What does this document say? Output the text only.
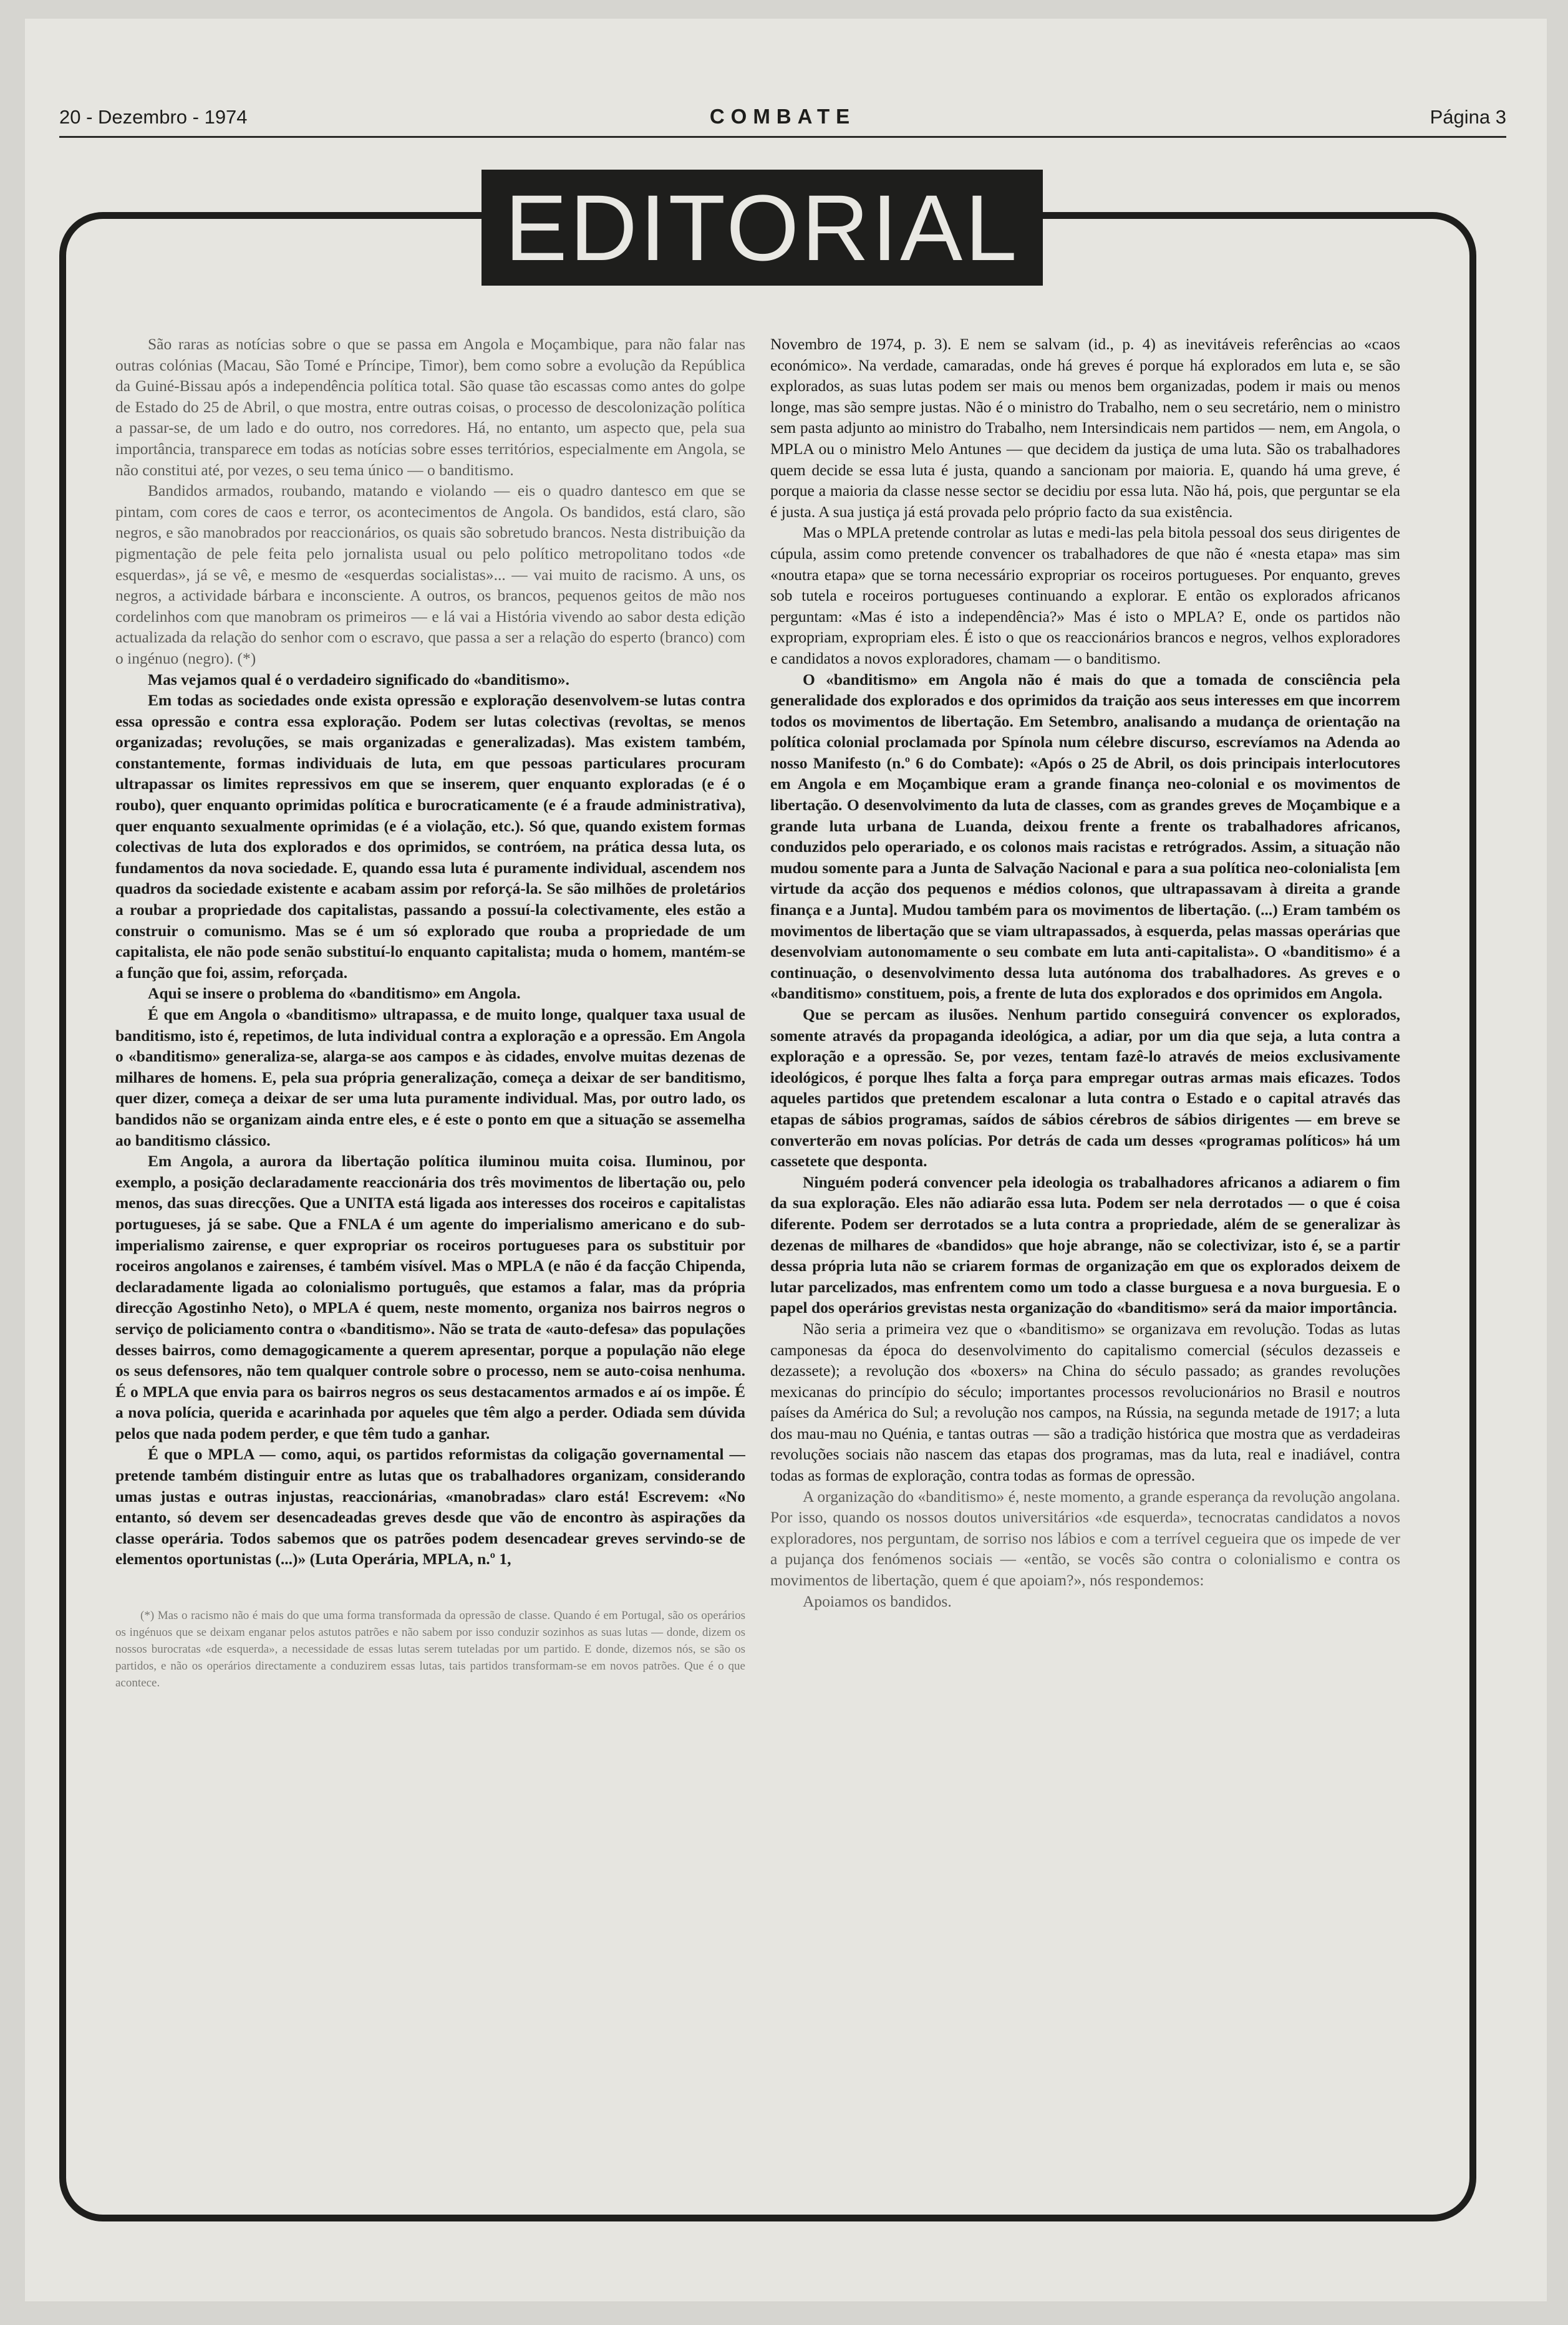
20 - Dezembro - 1974	COMBATE	Página 3
EDITORIAL

São raras as notícias sobre o que se passa em Angola e Moçambique, para não falar nas outras colónias (Macau, São Tomé e Príncipe, Timor), bem como sobre a evolução da República da Guiné-Bissau após a independência política total. São quase tão escassas como antes do golpe de Estado do 25 de Abril, o que mostra, entre outras coisas, o processo de descolonização política a passar-se, de um lado e do outro, nos corredores. Há, no entanto, um aspecto que, pela sua importância, transparece em todas as notícias sobre esses territórios, especialmente em Angola, se não constitui até, por vezes, o seu tema único — o banditismo.

Bandidos armados, roubando, matando e violando — eis o quadro dantesco em que se pintam, com cores de caos e terror, os acontecimentos de Angola. Os bandidos, está claro, são negros, e são manobrados por reaccionários, os quais são sobretudo brancos. Nesta distribuição da pigmentação de pele feita pelo jornalista usual ou pelo político metropolitano todos «de esquerdas», já se vê, e mesmo de «esquerdas socialistas»... — vai muito de racismo. A uns, os negros, a actividade bárbara e inconsciente. A outros, os brancos, pequenos geitos de mão nos cordelinhos com que manobram os primeiros — e lá vai a História vivendo ao sabor desta edição actualizada da relação do senhor com o escravo, que passa a ser a relação do esperto (branco) com o ingénuo (negro). (*)

Mas vejamos qual é o verdadeiro significado do «banditismo».

Em todas as sociedades onde exista opressão e exploração desenvolvem-se lutas contra essa opressão e contra essa exploração. Podem ser lutas colectivas (revoltas, se menos organizadas; revoluções, se mais organizadas e generalizadas). Mas existem também, constantemente, formas individuais de luta, em que pessoas particulares procuram ultrapassar os limites repressivos em que se inserem, quer enquanto exploradas (e é o roubo), quer enquanto oprimidas política e burocraticamente (e é a fraude administrativa), quer enquanto sexualmente oprimidas (e é a violação, etc.). Só que, quando existem formas colectivas de luta dos explorados e dos oprimidos, se contróem, na prática dessa luta, os fundamentos da nova sociedade. E, quando essa luta é puramente individual, ascendem nos quadros da sociedade existente e acabam assim por reforçá-la. Se são milhões de proletários a roubar a propriedade dos capitalistas, passando a possuí-la colectivamente, eles estão a construir o comunismo. Mas se é um só explorado que rouba a propriedade de um capitalista, ele não pode senão substituí-lo enquanto capitalista; muda o homem, mantém-se a função que foi, assim, reforçada.

Aqui se insere o problema do «banditismo» em Angola.

É que em Angola o «banditismo» ultrapassa, e de muito longe, qualquer taxa usual de banditismo, isto é, repetimos, de luta individual contra a exploração e a opressão. Em Angola o «banditismo» generaliza-se, alarga-se aos campos e às cidades, envolve muitas dezenas de milhares de homens. E, pela sua própria generalização, começa a deixar de ser banditismo, quer dizer, começa a deixar de ser uma luta puramente individual. Mas, por outro lado, os bandidos não se organizam ainda entre eles, e é este o ponto em que a situação se assemelha ao banditismo clássico.

Em Angola, a aurora da libertação política iluminou muita coisa. Iluminou, por exemplo, a posição declaradamente reaccionária dos três movimentos de libertação ou, pelo menos, das suas direcções. Que a UNITA está ligada aos interesses dos roceiros e capitalistas portugueses, já se sabe. Que a FNLA é um agente do imperialismo americano e do sub-imperialismo zairense, e quer expropriar os roceiros portugueses para os substituir por roceiros angolanos e zairenses, é também visível. Mas o MPLA (e não é da facção Chipenda, declaradamente ligada ao colonialismo português, que estamos a falar, mas da própria direcção Agostinho Neto), o MPLA é quem, neste momento, organiza nos bairros negros o serviço de policiamento contra o «banditismo». Não se trata de «auto-defesa» das populações desses bairros, como demagogicamente a querem apresentar, porque a população não elege os seus defensores, não tem qualquer controle sobre o processo, nem se auto-coisa nenhuma. É o MPLA que envia para os bairros negros os seus destacamentos armados e aí os impõe. É a nova polícia, querida e acarinhada por aqueles que têm algo a perder. Odiada sem dúvida pelos que nada podem perder, e que têm tudo a ganhar.

É que o MPLA — como, aqui, os partidos reformistas da coligação governamental — pretende também distinguir entre as lutas que os trabalhadores organizam, considerando umas justas e outras injustas, reaccionárias, «manobradas» claro está! Escrevem: «No entanto, só devem ser desencadeadas greves desde que vão de encontro às aspirações da classe operária. Todos sabemos que os patrões podem desencadear greves servindo-se de elementos oportunistas (...)» (Luta Operária, MPLA, n.º 1,

(*) Mas o racismo não é mais do que uma forma transformada da opressão de classe. Quando é em Portugal, são os operários os ingénuos que se deixam enganar pelos astutos patrões e não sabem por isso conduzir sozinhos as suas lutas — donde, dizem os nossos burocratas «de esquerda», a necessidade de essas lutas serem tuteladas por um partido. E donde, dizemos nós, se são os partidos, e não os operários directamente a conduzirem essas lutas, tais partidos transformam-se em novos patrões. Que é o que acontece.

Novembro de 1974, p. 3). E nem se salvam (id., p. 4) as inevitáveis referências ao «caos económico». Na verdade, camaradas, onde há greves é porque há explorados em luta e, se são explorados, as suas lutas podem ser mais ou menos bem organizadas, podem ir mais ou menos longe, mas são sempre justas. Não é o ministro do Trabalho, nem o seu secretário, nem o ministro sem pasta adjunto ao ministro do Trabalho, nem Intersindicais nem partidos — nem, em Angola, o MPLA ou o ministro Melo Antunes — que decidem da justiça de uma luta. São os trabalhadores quem decide se essa luta é justa, quando a sancionam por maioria. E, quando há uma greve, é porque a maioria da classe nesse sector se decidiu por essa luta. Não há, pois, que perguntar se ela é justa. A sua justiça já está provada pelo próprio facto da sua existência.

Mas o MPLA pretende controlar as lutas e medi-las pela bitola pessoal dos seus dirigentes de cúpula, assim como pretende convencer os trabalhadores de que não é «nesta etapa» mas sim «noutra etapa» que se torna necessário expropriar os roceiros portugueses. Por enquanto, greves sob tutela e roceiros portugueses continuando a explorar. E então os explorados africanos perguntam: «Mas é isto a independência?» Mas é isto o MPLA? E, onde os partidos não expropriam, expropriam eles. É isto o que os reaccionários brancos e negros, velhos exploradores e candidatos a novos exploradores, chamam — o banditismo.

O «banditismo» em Angola não é mais do que a tomada de consciência pela generalidade dos explorados e dos oprimidos da traição aos seus interesses em que incorrem todos os movimentos de libertação. Em Setembro, analisando a mudança de orientação na política colonial proclamada por Spínola num célebre discurso, escrevíamos na Adenda ao nosso Manifesto (n.º 6 do Combate): «Após o 25 de Abril, os dois principais interlocutores em Angola e em Moçambique eram a grande finança neo-colonial e os movimentos de libertação. O desenvolvimento da luta de classes, com as grandes greves de Moçambique e a grande luta urbana de Luanda, deixou frente a frente os trabalhadores africanos, conduzidos pelo operariado, e os colonos mais racistas e retrógrados. Assim, a situação não mudou somente para a Junta de Salvação Nacional e para a sua política neo-colonialista [em virtude da acção dos pequenos e médios colonos, que ultrapassavam à direita a grande finança e a Junta]. Mudou também para os movimentos de libertação. (...) Eram também os movimentos de libertação que se viam ultrapassados, à esquerda, pelas massas operárias que desenvolviam autonomamente o seu combate em luta anti-capitalista». O «banditismo» é a continuação, o desenvolvimento dessa luta autónoma dos trabalhadores. As greves e o «banditismo» constituem, pois, a frente de luta dos explorados e dos oprimidos em Angola.

Que se percam as ilusões. Nenhum partido conseguirá convencer os explorados, somente através da propaganda ideológica, a adiar, por um dia que seja, a luta contra a exploração e a opressão. Se, por vezes, tentam fazê-lo através de meios exclusivamente ideológicos, é porque lhes falta a força para empregar outras armas mais eficazes. Todos aqueles partidos que pretendem escalonar a luta contra o Estado e o capital através das etapas de sábios programas, saídos de sábios cérebros de sábios dirigentes — em breve se converterão em novas polícias. Por detrás de cada um desses «programas políticos» há um cassetete que desponta.

Ninguém poderá convencer pela ideologia os trabalhadores africanos a adiarem o fim da sua exploração. Eles não adiarão essa luta. Podem ser nela derrotados — o que é coisa diferente. Podem ser derrotados se a luta contra a propriedade, além de se generalizar às dezenas de milhares de «bandidos» que hoje abrange, não se colectivizar, isto é, se a partir dessa própria luta não se criarem formas de organização em que os explorados deixem de lutar parcelizados, mas enfrentem como um todo a classe burguesa e a nova burguesia. E o papel dos operários grevistas nesta organização do «banditismo» será da maior importância.

Não seria a primeira vez que o «banditismo» se organizava em revolução. Todas as lutas camponesas da época do desenvolvimento do capitalismo comercial (séculos dezasseis e dezassete); a revolução dos «boxers» na China do século passado; as grandes revoluções mexicanas do princípio do século; importantes processos revolucionários no Brasil e noutros países da América do Sul; a revolução nos campos, na Rússia, na segunda metade de 1917; a luta dos mau-mau no Quénia, e tantas outras — são a tradição histórica que mostra que as verdadeiras revoluções sociais não nascem das etapas dos programas, mas da luta, real e inadiável, contra todas as formas de exploração, contra todas as formas de opressão.

A organização do «banditismo» é, neste momento, a grande esperança da revolução angolana. Por isso, quando os nossos doutos universitários «de esquerda», tecnocratas candidatos a novos exploradores, nos perguntam, de sorriso nos lábios e com a terrível cegueira que os impede de ver a pujança dos fenómenos sociais — «então, se vocês são contra o colonialismo e contra os movimentos de libertação, quem é que apoiam?», nós respondemos:

Apoiamos os bandidos.
